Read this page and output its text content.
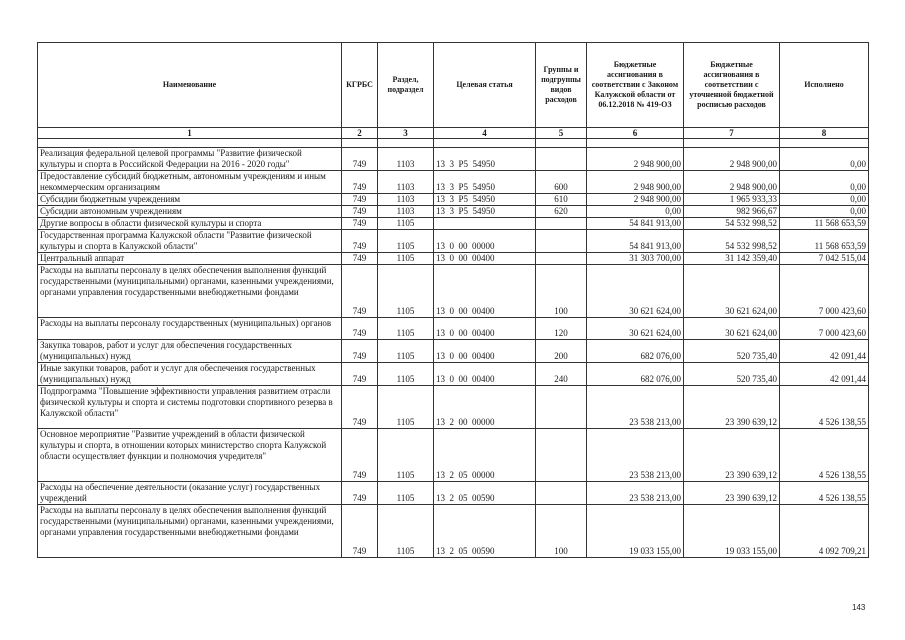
Наименование	КГРБС	Раздел, подраздел	Целевая статья	Группы и подгруппы видов расходов	Бюджетные ассигнования в соответствии с Законом Калужской области от 06.12.2018 № 419-ОЗ	Бюджетные ассигнования в соответствии с уточненной бюджетной росписью расходов	Исполнено
1	2	3	4	5	6	7	8

Реализация федеральной целевой программы "Развитие физической культуры и спорта в Российской Федерации на 2016 - 2020 годы"	749	1103	13  3  P5  54950		2 948 900,00	2 948 900,00	0,00
Предоставление субсидий бюджетным, автономным учреждениям и иным некоммерческим организациям	749	1103	13  3  P5  54950	600	2 948 900,00	2 948 900,00	0,00
Субсидии бюджетным учреждениям	749	1103	13  3  P5  54950	610	2 948 900,00	1 965 933,33	0,00
Субсидии автономным учреждениям	749	1103	13  3  P5  54950	620	0,00	982 966,67	0,00
Другие вопросы в области физической культуры и спорта	749	1105			54 841 913,00	54 532 998,52	11 568 653,59
Государственная программа Калужской области "Развитие физической культуры и спорта в Калужской области"	749	1105	13  0  00  00000		54 841 913,00	54 532 998,52	11 568 653,59
Центральный аппарат	749	1105	13  0  00  00400		31 303 700,00	31 142 359,40	7 042 515,04
Расходы на выплаты персоналу в целях обеспечения выполнения функций государственными (муниципальными) органами, казенными учреждениями, органами управления государственными внебюджетными фондами	749	1105	13  0  00  00400	100	30 621 624,00	30 621 624,00	7 000 423,60
Расходы на выплаты персоналу государственных (муниципальных) органов	749	1105	13  0  00  00400	120	30 621 624,00	30 621 624,00	7 000 423,60
Закупка товаров, работ и услуг для обеспечения государственных (муниципальных) нужд	749	1105	13  0  00  00400	200	682 076,00	520 735,40	42 091,44
Иные закупки товаров, работ и услуг для обеспечения государственных (муниципальных) нужд	749	1105	13  0  00  00400	240	682 076,00	520 735,40	42 091,44
Подпрограмма "Повышение эффективности управления развитием отрасли физической культуры и спорта и системы подготовки спортивного резерва в Калужской области"	749	1105	13  2  00  00000		23 538 213,00	23 390 639,12	4 526 138,55
Основное мероприятие "Развитие учреждений в области физической культуры и спорта, в отношении которых министерство спорта Калужской области осуществляет функции и полномочия учредителя"	749	1105	13  2  05  00000		23 538 213,00	23 390 639,12	4 526 138,55
Расходы на обеспечение деятельности (оказание услуг) государственных учреждений	749	1105	13  2  05  00590		23 538 213,00	23 390 639,12	4 526 138,55
Расходы на выплаты персоналу в целях обеспечения выполнения функций государственными (муниципальными) органами, казенными учреждениями, органами управления государственными внебюджетными фондами	749	1105	13  2  05  00590	100	19 033 155,00	19 033 155,00	4 092 709,21
143
